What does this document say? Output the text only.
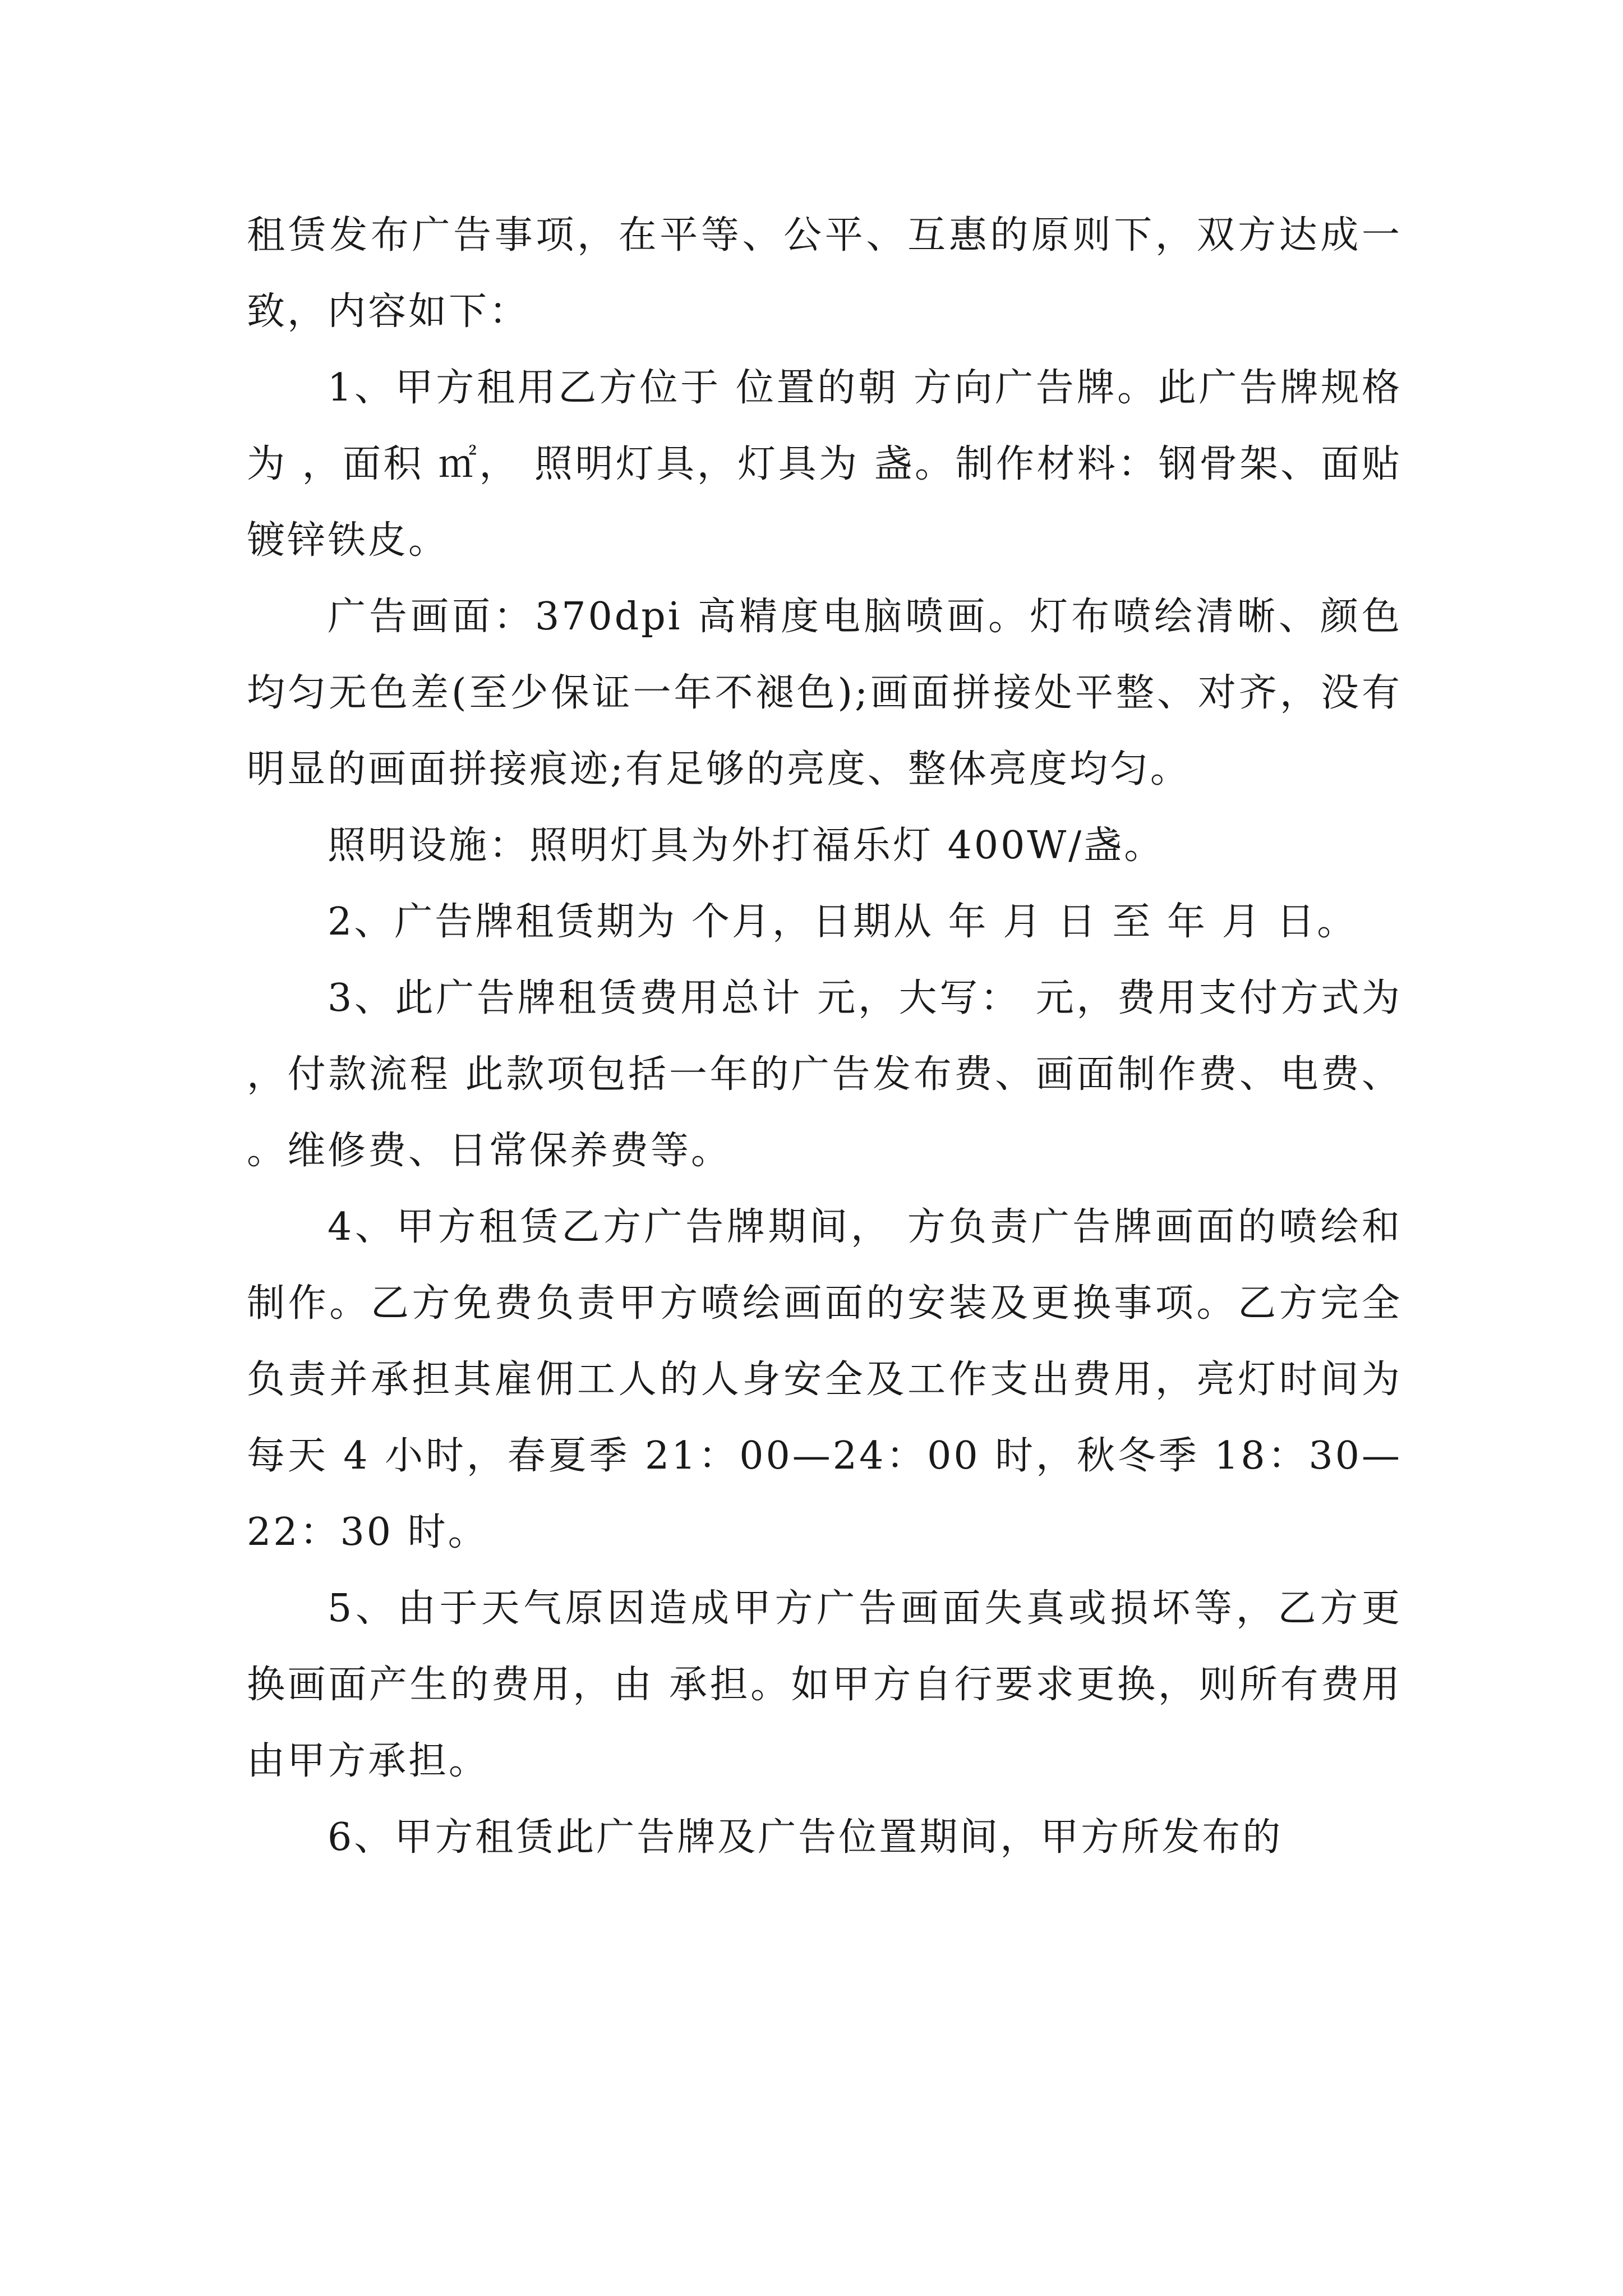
租赁发布广告事项，在平等、公平、互惠的原则下，双方达成一致，内容如下：

1、甲方租用乙方位于 位置的朝 方向广告牌。此广告牌规格为 ，面积 ㎡， 照明灯具，灯具为 盏。制作材料：钢骨架、面贴镀锌铁皮。

广告画面：370dpi 高精度电脑喷画。灯布喷绘清晰、颜色均匀无色差(至少保证一年不褪色);画面拼接处平整、对齐，没有明显的画面拼接痕迹;有足够的亮度、整体亮度均匀。

照明设施：照明灯具为外打福乐灯 400W/盏。

2、广告牌租赁期为 个月，日期从 年 月 日 至 年 月 日。

3、此广告牌租赁费用总计 元，大写： 元，费用支付方式为 ，付款流程 此款项包括一年的广告发布费、画面制作费、电费、 。维修费、日常保养费等。

4、甲方租赁乙方广告牌期间， 方负责广告牌画面的喷绘和制作。乙方免费负责甲方喷绘画面的安装及更换事项。乙方完全负责并承担其雇佣工人的人身安全及工作支出费用，亮灯时间为每天 4 小时，春夏季 21：00—24：00 时，秋冬季 18：30—22：30 时。

5、由于天气原因造成甲方广告画面失真或损坏等，乙方更换画面产生的费用，由 承担。如甲方自行要求更换，则所有费用由甲方承担。

6、甲方租赁此广告牌及广告位置期间，甲方所发布的
